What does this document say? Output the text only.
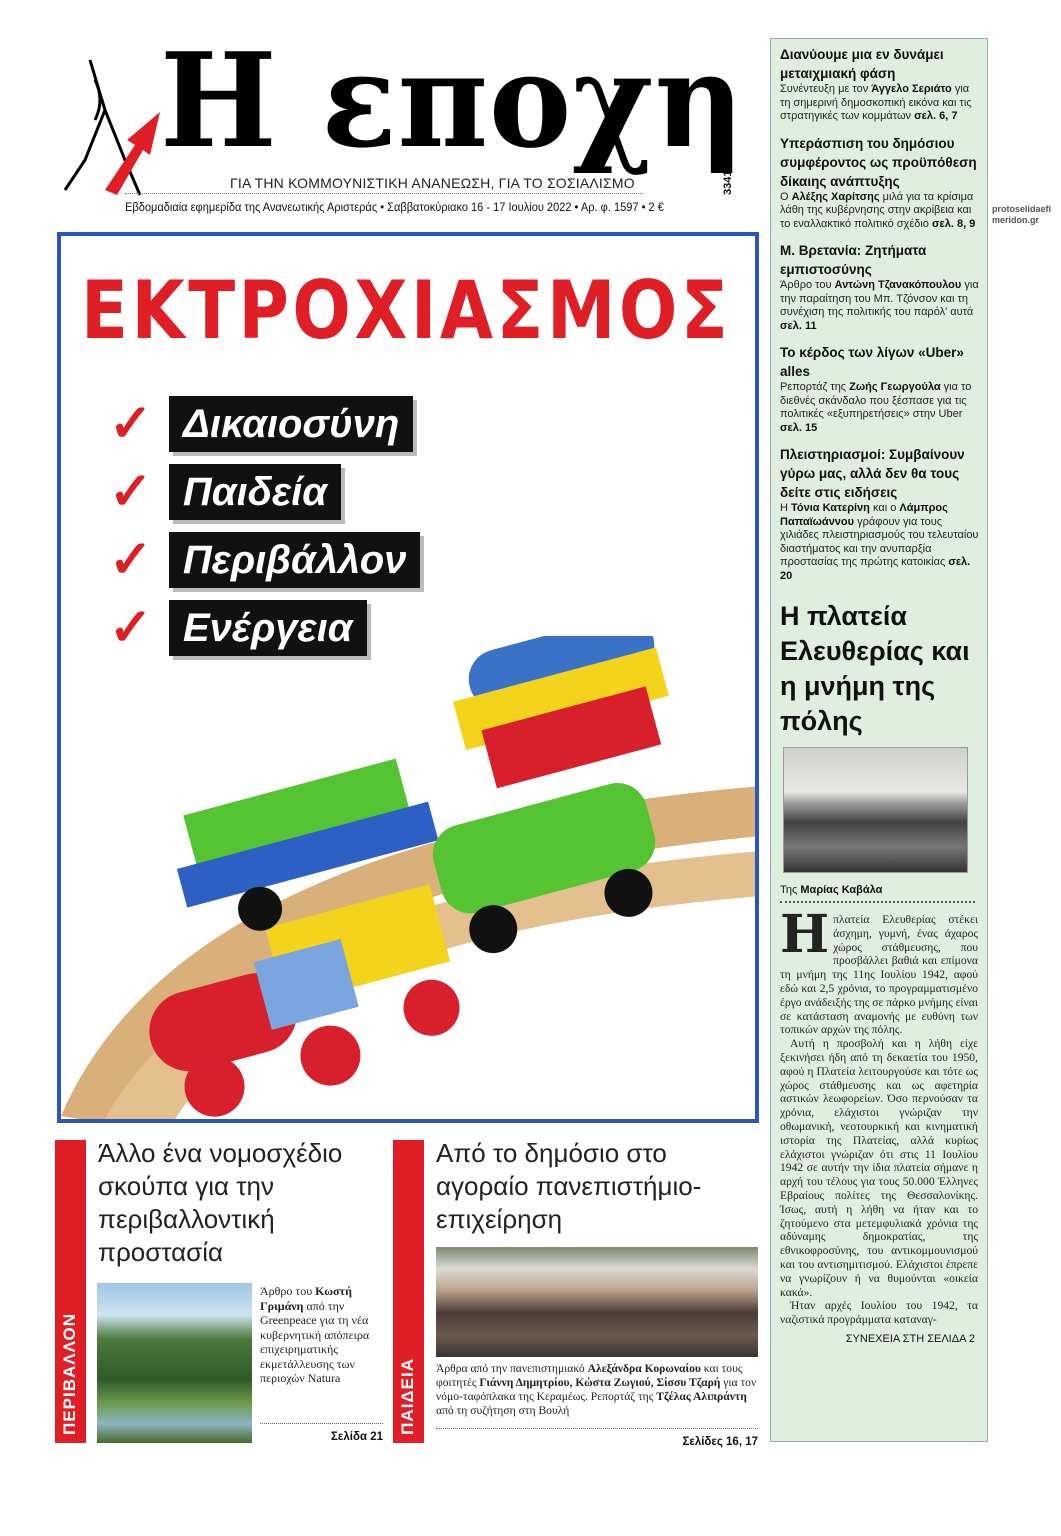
Η εποχη
ΓΙΑ ΤΗΝ ΚΟΜΜΟΥΝΙΣΤΙΚΗ ΑΝΑΝΕΩΣΗ, ΓΙΑ ΤΟ ΣΟΣΙΑΛΙΣΜΟ
Εβδομαδιαία εφημερίδα της Ανανεωτικής Αριστεράς • Σαββατοκύριακο 16 - 17 Ιουλίου 2022 • Αρ. φ. 1597 • 2 €
3341
protoselidaefimeridon.gr
ΕΚΤΡΟΧΙΑΣΜΟΣ
✓ Δικαιοσύνη
✓ Παιδεία
✓ Περιβάλλον
✓ Ενέργεια
Διανύουμε μια εν δυνάμει μεταιχμιακή φάση

Συνέντευξη με τον Άγγελο Σεριάτο για τη σημερινή δημοσκοπική εικόνα και τις στρατηγικές των κομμάτων σελ. 6, 7

Υπεράσπιση του δημόσιου συμφέροντος ως προϋπόθεση δίκαιης ανάπτυξης

Ο Αλέξης Χαρίτσης μιλά για τα κρίσιμα λάθη της κυβέρνησης στην ακρίβεια και το εναλλακτικό πολιτικό σχέδιο σελ. 8, 9

Μ. Βρετανία: Ζητήματα εμπιστοσύνης

Άρθρο του Αντώνη Τζανακόπουλου για την παραίτηση του Μπ. Τζόνσον και τη συνέχιση της πολιτικής του παρόλ' αυτά σελ. 11

Το κέρδος των λίγων «Uber» alles

Ρεπορτάζ της Ζωής Γεωργούλα για το διεθνές σκάνδαλο που ξέσπασε για τις πολιτικές «εξυπηρετήσεις» στην Uber σελ. 15

Πλειστηριασμοί: Συμβαίνουν γύρω μας, αλλά δεν θα τους δείτε στις ειδήσεις

Η Τόνια Κατερίνη και ο Λάμπρος Παπαϊωάννου γράφουν για τους χιλιάδες πλειστηριασμούς του τελευταίου διαστήματος και την ανυπαρξία προστασίας της πρώτης κατοικίας σελ. 20

Η πλατεία Ελευθερίας και η μνήμη της πόλης
Της Μαρίας Καβάλα
Ηπλατεία Ελευθερίας στέκει άσχημη, γυμνή, ένας άχαρος χώρος στάθμευσης, που προσβάλλει βαθιά και επίμονα τη μνήμη της 11ης Ιουλίου 1942, αφού εδώ και 2,5 χρόνια, το προγραμματισμένο έργο ανάδειξής της σε πάρκο μνήμης είναι σε κατάσταση αναμονής με ευθύνη των τοπικών αρχών της πόλης.

Αυτή η προσβολή και η λήθη είχε ξεκινήσει ήδη από τη δεκαετία του 1950, αφού η Πλατεία λειτουργούσε και τότε ως χώρος στάθμευσης και ως αφετηρία αστικών λεωφορείων. Όσο περνούσαν τα χρόνια, ελάχιστοι γνώριζαν την οθωμανική, νεοτουρκική και κινηματική ιστορία της Πλατείας, αλλά κυρίως ελάχιστοι γνώριζαν ότι στις 11 Ιουλίου 1942 σε αυτήν την ίδια πλατεία σήμανε η αρχή του τέλους για τους 50.000 Έλληνες Εβραίους πολίτες της Θεσσαλονίκης. Ίσως, αυτή η λήθη να ήταν και το ζητούμενο στα μετεμφυλιακά χρόνια της αδύναμης δημοκρατίας, της εθνικοφροσύνης, του αντικομμουνισμού και του αντισημιτισμού. Ελάχιστοι έπρεπε να γνωρίζουν ή να θυμούνται «οικεία κακά».

Ήταν αρχές Ιουλίου του 1942, τα ναζιστικά προγράμματα καταναγ-

ΣΥΝΕΧΕΙΑ ΣΤΗ ΣΕΛΙΔΑ 2
ΠΕΡΙΒΑΛΛΟΝ
Άλλο ένα νομοσχέδιο σκούπα για την περιβαλλοντική προστασία
Άρθρο του Κωστή Γριμάνη από την Greenpeace για τη νέα κυβερνητική απόπειρα επιχειρηματικής εκμετάλλευσης των περιοχών Natura
Σελίδα 21
ΠΑΙΔΕΙΑ
Από το δημόσιο στο αγοραίο πανεπιστήμιο-επιχείρηση
Άρθρα από την πανεπιστημιακό Αλεξάνδρα Κορωναίου και τους φοιτητές Γιάννη Δημητρίου, Κώστα Ζωγιού, Σίσσυ Τζαρή για τον νόμο-ταφόπλακα της Κεραμέως. Ρεπορτάζ της Τζέλας Αλιπράντη από τη συζήτηση στη Βουλή
Σελίδες 16, 17
